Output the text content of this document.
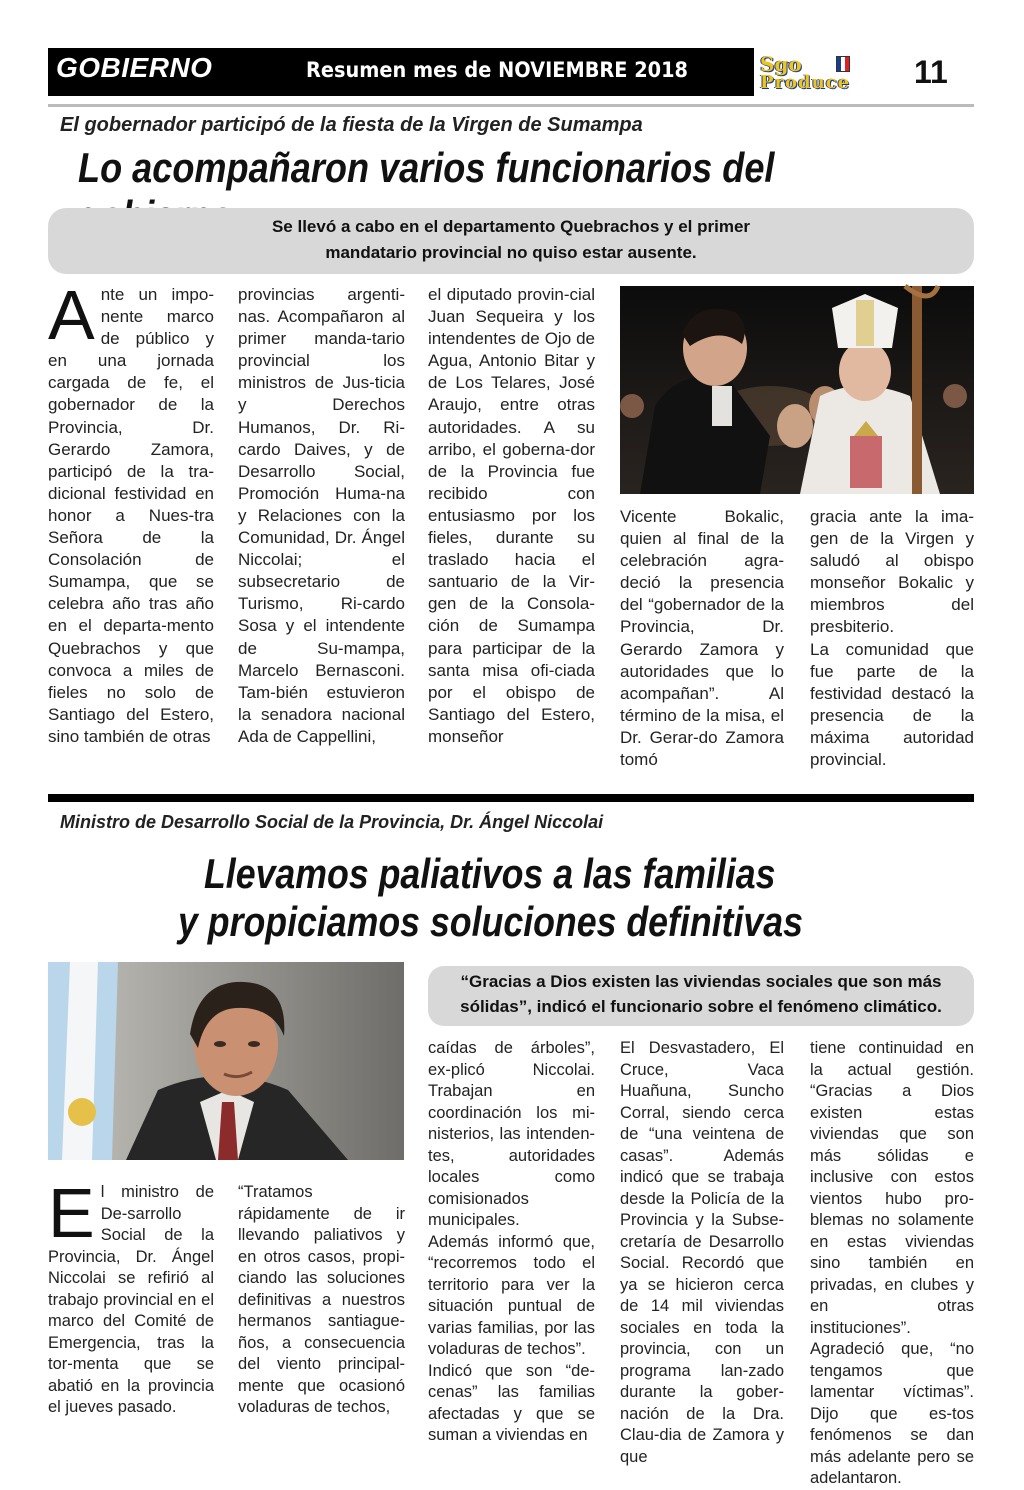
GOBIERNO	Resumen mes de NOVIEMBRE 2018	Sgo
Produce	11
El gobernador participó de la fiesta de la Virgen de Sumampa
Lo acompañaron varios funcionarios del
Se llevó a cabo en el departamento Quebrachos y el primer
mandatario provincial no quiso estar ausente.
A nte un impo-nente marco de público y en una jornada cargada de fe, el gobernador de la Provincia, Dr. Gerardo Zamora, participó de la tra-dicional festividad en honor a Nues-tra Señora de la Consolación de Sumampa, que se celebra año tras año en el departa-mento Quebrachos y que convoca a miles de fieles no solo de Santiago del Estero, sino también de otras

provincias argenti-nas. Acompañaron al primer manda-tario provincial los ministros de Jus-ticia y Derechos Humanos, Dr. Ri-cardo Daives, y de Desarrollo Social, Promoción Huma-na y Relaciones con la Comunidad, Dr. Ángel Niccolai; el subsecretario de Turismo, Ri-cardo Sosa y el intendente de Su-mampa, Marcelo Bernasconi. Tam-bién estuvieron la senadora nacional Ada de Cappellini,

el diputado provin-cial Juan Sequeira y los intendentes de Ojo de Agua, Antonio Bitar y de Los Telares, José Araujo, entre otras autoridades. A su arribo, el goberna-dor de la Provincia fue recibido con entusiasmo por los fieles, durante su traslado hacia el santuario de la Vir-gen de la Consola-ción de Sumampa para participar de la santa misa ofi-ciada por el obispo de Santiago del Estero, monseñor

Vicente Bokalic, quien al final de la celebración agra-deció la presencia del “gobernador de la Provincia, Dr. Gerardo Zamora y autoridades que lo acompañan”. Al término de la misa, el Dr. Gerar-do Zamora tomó

gracia ante la ima-gen de la Virgen y saludó al obispo monseñor Bokalic y miembros del presbiterio.

La comunidad que fue parte de la festividad destacó la presencia de la máxima autoridad provincial.

Ministro de Desarrollo Social de la Provincia, Dr. Ángel Niccolai
Llevamos paliativos a las familias
y propiciamos soluciones definitivas
“Gracias a Dios existen las viviendas sociales que son más
sólidas”, indicó el funcionario sobre el fenómeno climático.
E l ministro de De-sarrollo Social de la Provincia, Dr. Ángel Niccolai se refirió al trabajo provincial en el marco del Comité de Emergencia, tras la tor-menta que se abatió en la provincia el jueves pasado.

“Tratamos rápidamente de ir llevando paliativos y en otros casos, propi-ciando las soluciones definitivas a nuestros hermanos santiague-ños, a consecuencia del viento principal-mente que ocasionó voladuras de techos,

caídas de árboles”, ex-plicó Niccolai. Trabajan en coordinación los mi-nisterios, las intenden-tes, autoridades locales como comisionados municipales.

Además informó que, “recorremos todo el territorio para ver la situación puntual de varias familias, por las voladuras de techos”.

Indicó que son “de-cenas” las familias afectadas y que se suman a viviendas en

El Desvastadero, El Cruce, Vaca Huañuna, Suncho Corral, siendo cerca de “una veintena de casas”. Además indicó que se trabaja desde la Policía de la Provincia y la Subse-cretaría de Desarrollo Social. Recordó que ya se hicieron cerca de 14 mil viviendas sociales en toda la provincia, con un programa lan-zado durante la gober-nación de la Dra. Clau-dia de Zamora y que

tiene continuidad en la actual gestión. “Gracias a Dios existen estas viviendas que son más sólidas e inclusive con estos vientos hubo pro-blemas no solamente en estas viviendas sino también en privadas, en clubes y en otras instituciones”.

Agradeció que, “no tengamos que lamentar víctimas”. Dijo que es-tos fenómenos se dan más adelante pero se adelantaron.
